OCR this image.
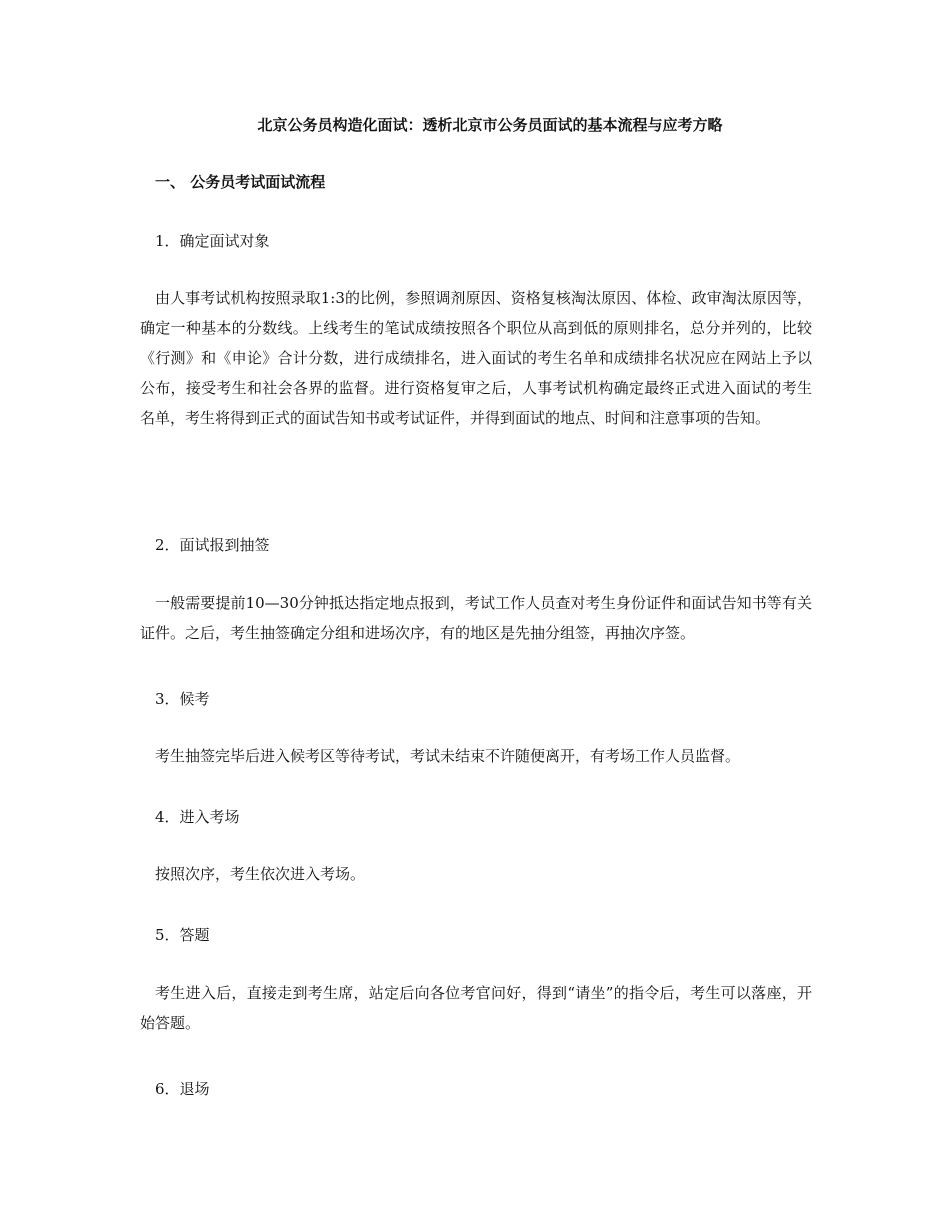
北京公务员构造化面试：透析北京市公务员面试的基本流程与应考方略
一、 公务员考试面试流程
1．确定面试对象

由人事考试机构按照录取1:3的比例，参照调剂原因、资格复核淘汰原因、体检、政审淘汰原因等，确定一种基本的分数线。上线考生的笔试成绩按照各个职位从高到低的原则排名，总分并列的，比较《行测》和《申论》合计分数，进行成绩排名，进入面试的考生名单和成绩排名状况应在网站上予以公布，接受考生和社会各界的监督。进行资格复审之后，人事考试机构确定最终正式进入面试的考生名单，考生将得到正式的面试告知书或考试证件，并得到面试的地点、时间和注意事项的告知。

2．面试报到抽签

一般需要提前10—30分钟抵达指定地点报到，考试工作人员查对考生身份证件和面试告知书等有关证件。之后，考生抽签确定分组和进场次序，有的地区是先抽分组签，再抽次序签。

3．候考

考生抽签完毕后进入候考区等待考试，考试未结束不许随便离开，有考场工作人员监督。

4．进入考场

按照次序，考生依次进入考场。

5．答题

考生进入后，直接走到考生席，站定后向各位考官问好，得到“请坐”的指令后，考生可以落座，开始答题。

6．退场
